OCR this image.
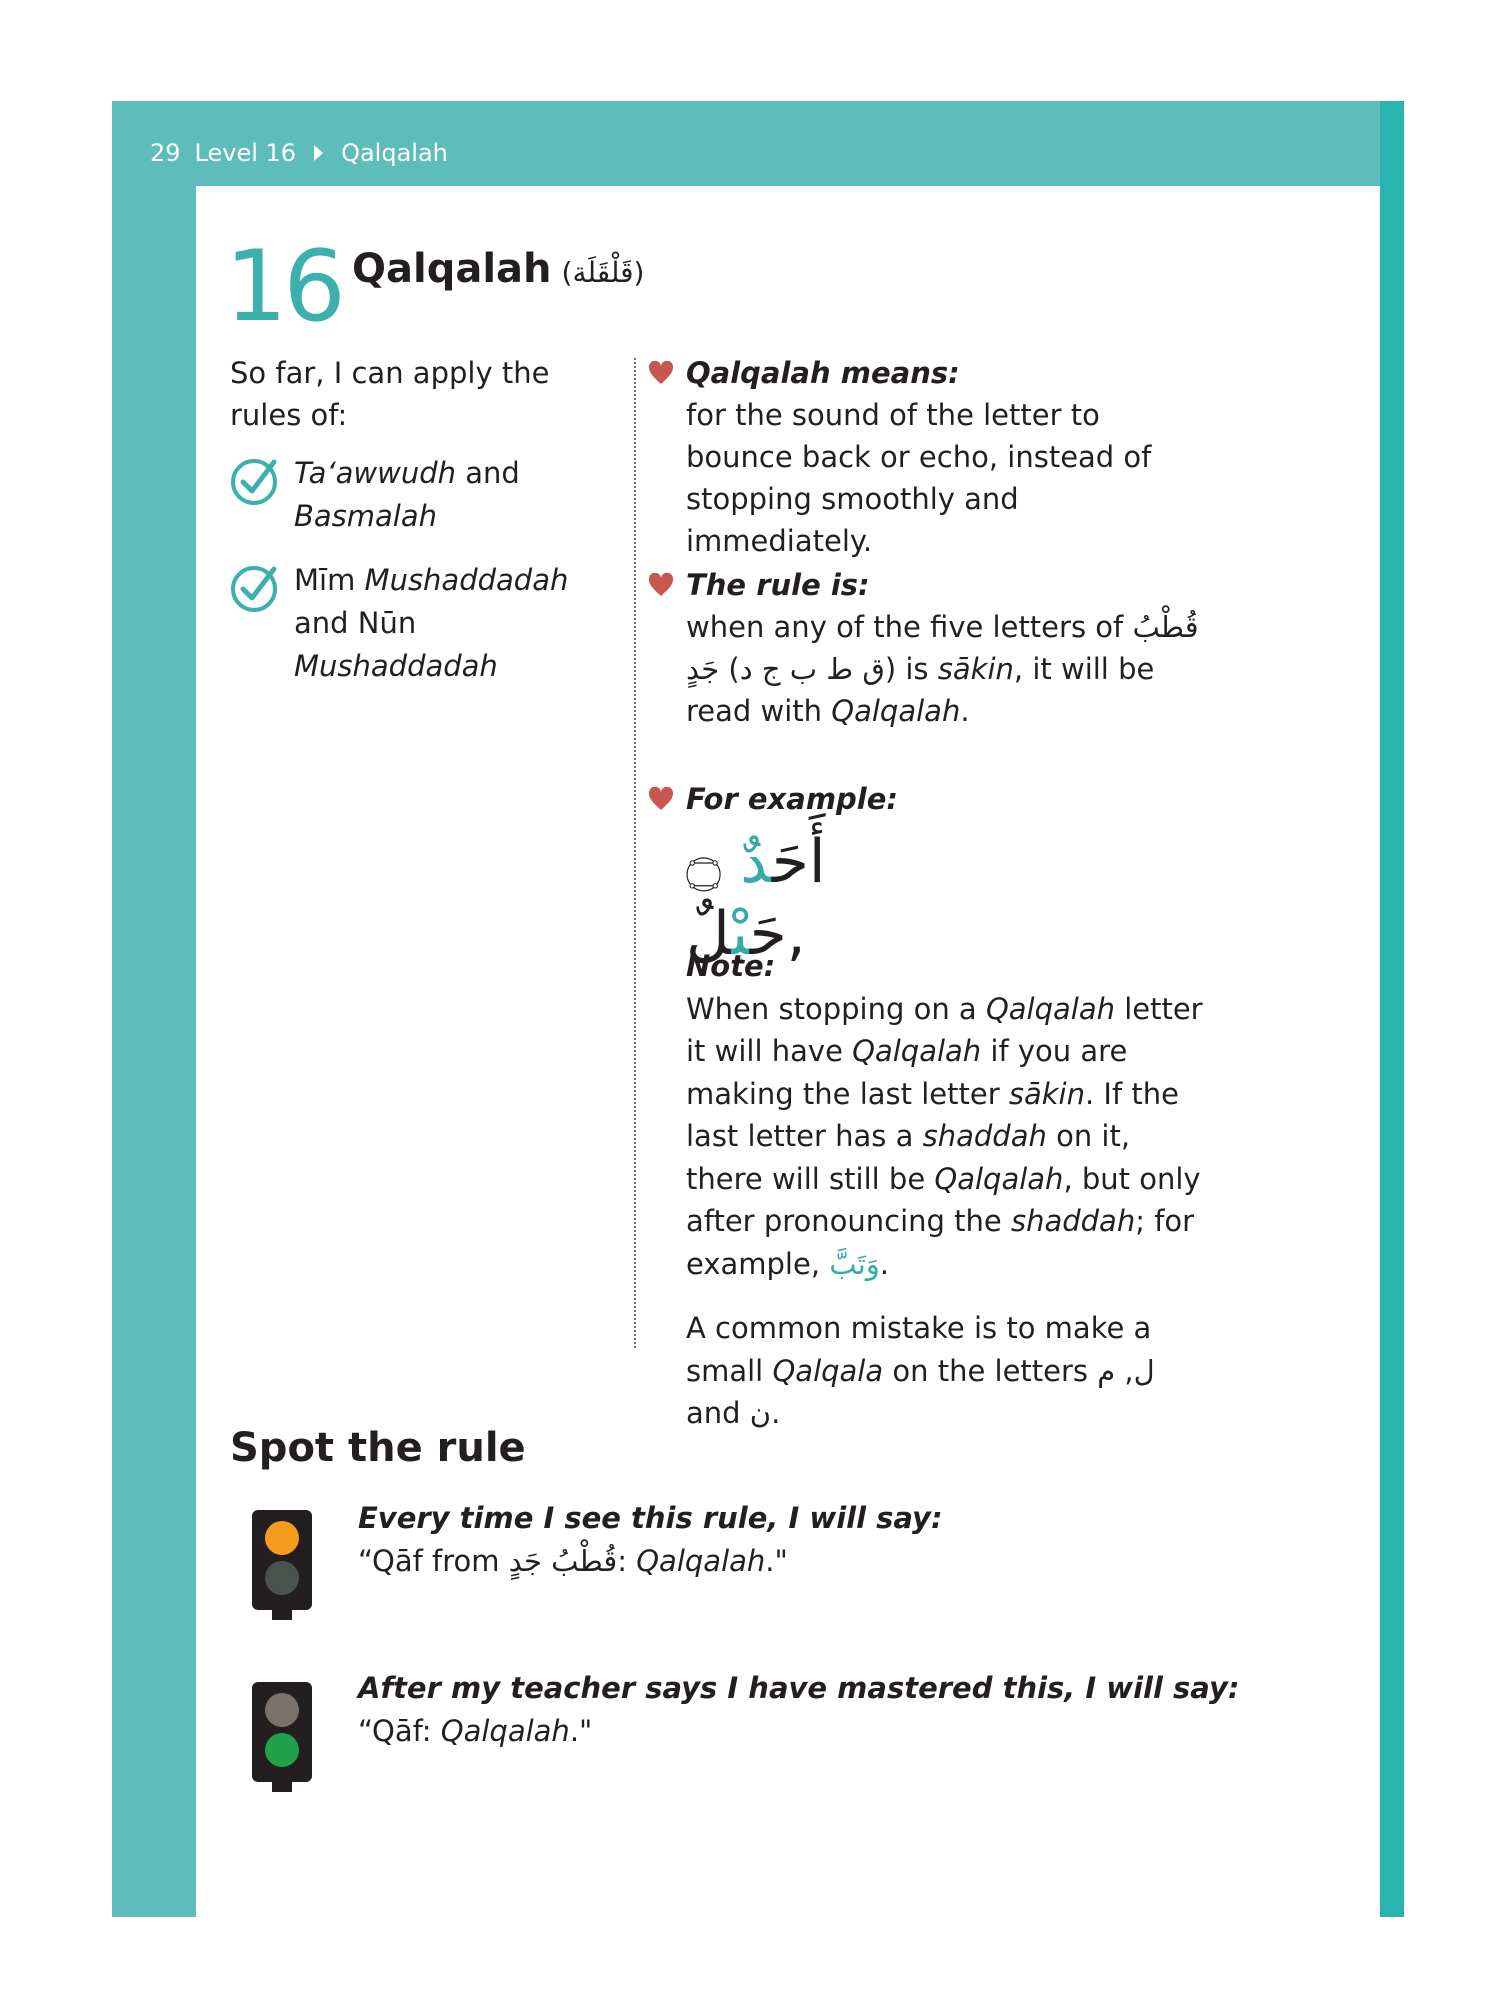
29 Level 16 Qalqalah
16 Qalqalah (قَلْقَلَة)
So far, I can apply the rules of:
Ta‘awwudh and
Basmalah
Mīm Mushaddadah
and Nūn Mushaddadah
Qalqalah means:
for the sound of the letter to bounce back or echo, instead of stopping smoothly and immediately.
The rule is:
when any of the five letters of قُطْبُ جَدٍ (ق ط ب ج د) is sākin, it will be read with Qalqalah.
For example:
أَحَدٌ ۝ ,حَبْلٌ
Note:

When stopping on a Qalqalah letter it will have Qalqalah if you are making the last letter sākin. If the last letter has a shaddah on it, there will still be Qalqalah, but only after pronouncing the shaddah; for example, وَتَبَّ.

A common mistake is to make a small Qalqala on the letters ل, م and ن.

Spot the rule
Every time I see this rule, I will say:
“Qāf from قُطْبُ جَدٍ: Qalqalah."
After my teacher says I have mastered this, I will say:
“Qāf: Qalqalah."
